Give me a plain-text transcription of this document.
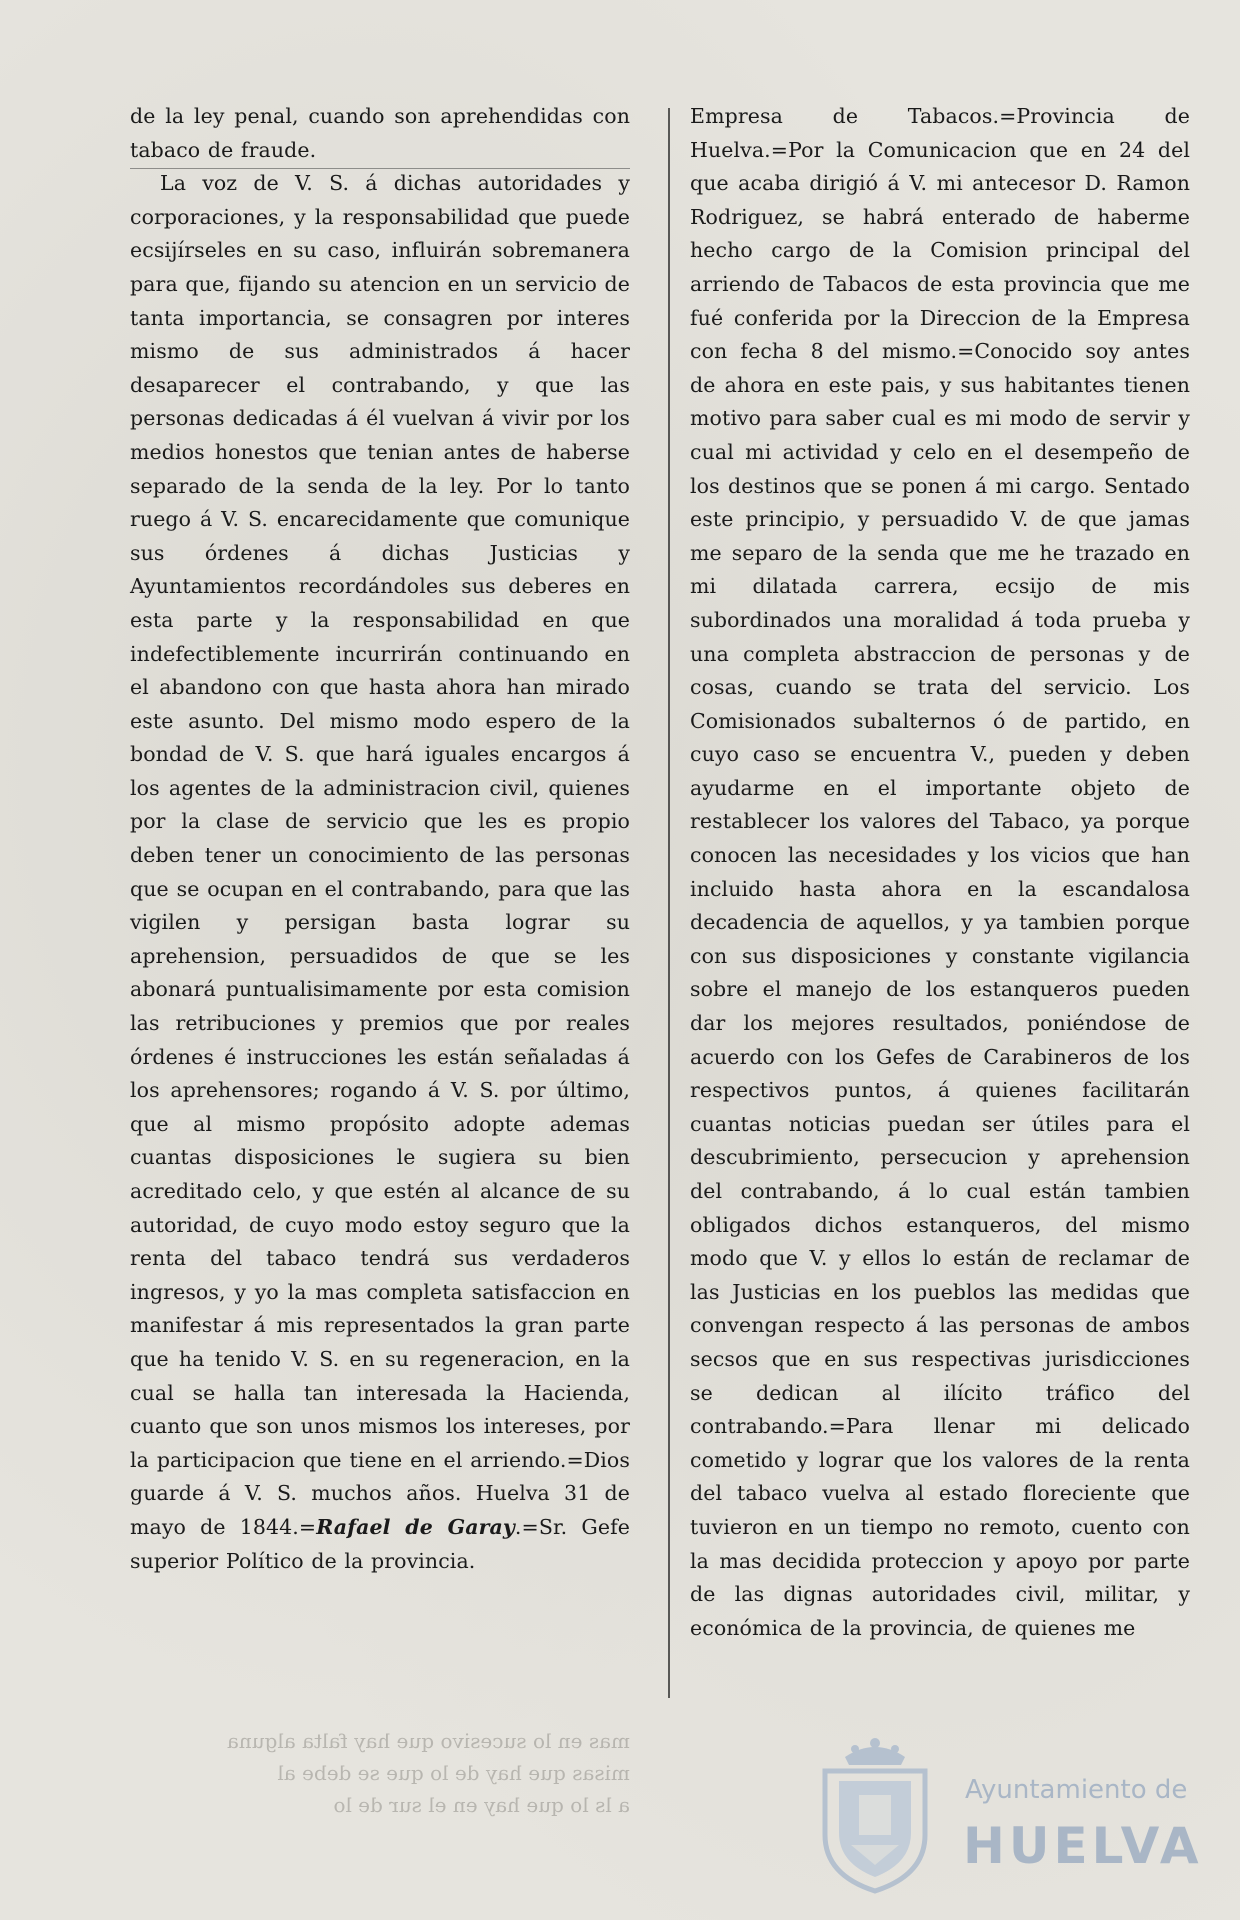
de la ley penal, cuando son aprehendidas con tabaco de fraude.

La voz de V. S. á dichas autoridades y corporaciones, y la responsabilidad que puede ecsijírseles en su caso, influirán sobremanera para que, fijando su atencion en un servicio de tanta importancia, se consagren por interes mismo de sus administrados á hacer desaparecer el contrabando, y que las personas dedicadas á él vuelvan á vivir por los medios honestos que tenian antes de haberse separado de la senda de la ley. Por lo tanto ruego á V. S. encarecidamente que comunique sus órdenes á dichas Justicias y Ayuntamientos recordándoles sus deberes en esta parte y la responsabilidad en que indefectiblemente incurrirán continuando en el abandono con que hasta ahora han mirado este asunto. Del mismo modo espero de la bondad de V. S. que hará iguales encargos á los agentes de la administracion civil, quienes por la clase de servicio que les es propio deben tener un conocimiento de las personas que se ocupan en el contrabando, para que las vigilen y persigan basta lograr su aprehension, persuadidos de que se les abonará puntualisimamente por esta comision las retribuciones y premios que por reales órdenes é instrucciones les están señaladas á los aprehensores; rogando á V. S. por último, que al mismo propósito adopte ademas cuantas disposiciones le sugiera su bien acreditado celo, y que estén al alcance de su autoridad, de cuyo modo estoy seguro que la renta del tabaco tendrá sus verdaderos ingresos, y yo la mas completa satisfaccion en manifestar á mis representados la gran parte que ha tenido V. S. en su regeneracion, en la cual se halla tan interesada la Hacienda, cuanto que son unos mismos los intereses, por la participacion que tiene en el arriendo.=Dios guarde á V. S. muchos años. Huelva 31 de mayo de 1844.=Rafael de Garay.=Sr. Gefe superior Político de la provincia.

Empresa de Tabacos.=Provincia de Huelva.=Por la Comunicacion que en 24 del que acaba dirigió á V. mi antecesor D. Ramon Rodriguez, se habrá enterado de haberme hecho cargo de la Comision principal del arriendo de Tabacos de esta provincia que me fué conferida por la Direccion de la Empresa con fecha 8 del mismo.=Conocido soy antes de ahora en este pais, y sus habitantes tienen motivo para saber cual es mi modo de servir y cual mi actividad y celo en el desempeño de los destinos que se ponen á mi cargo. Sentado este principio, y persuadido V. de que jamas me separo de la senda que me he trazado en mi dilatada carrera, ecsijo de mis subordinados una moralidad á toda prueba y una completa abstraccion de personas y de cosas, cuando se trata del servicio. Los Comisionados subalternos ó de partido, en cuyo caso se encuentra V., pueden y deben ayudarme en el importante objeto de restablecer los valores del Tabaco, ya porque conocen las necesidades y los vicios que han incluido hasta ahora en la escandalosa decadencia de aquellos, y ya tambien porque con sus disposiciones y constante vigilancia sobre el manejo de los estanqueros pueden dar los mejores resultados, poniéndose de acuerdo con los Gefes de Carabineros de los respectivos puntos, á quienes facilitarán cuantas noticias puedan ser útiles para el descubrimiento, persecucion y aprehension del contrabando, á lo cual están tambien obligados dichos estanqueros, del mismo modo que V. y ellos lo están de reclamar de las Justicias en los pueblos las medidas que convengan respecto á las personas de ambos secsos que en sus respectivas jurisdicciones se dedican al ilícito tráfico del contrabando.=Para llenar mi delicado cometido y lograr que los valores de la renta del tabaco vuelva al estado floreciente que tuvieron en un tiempo no remoto, cuento con la mas decidida proteccion y apoyo por parte de las dignas autoridades civil, militar, y económica de la provincia, de quienes me

mas en lo sucesivo que hay falta alguna
misas que hay de lo que se debe al
a ls lo que hay en el sur de lo	Ayuntamiento de
HUELVA
